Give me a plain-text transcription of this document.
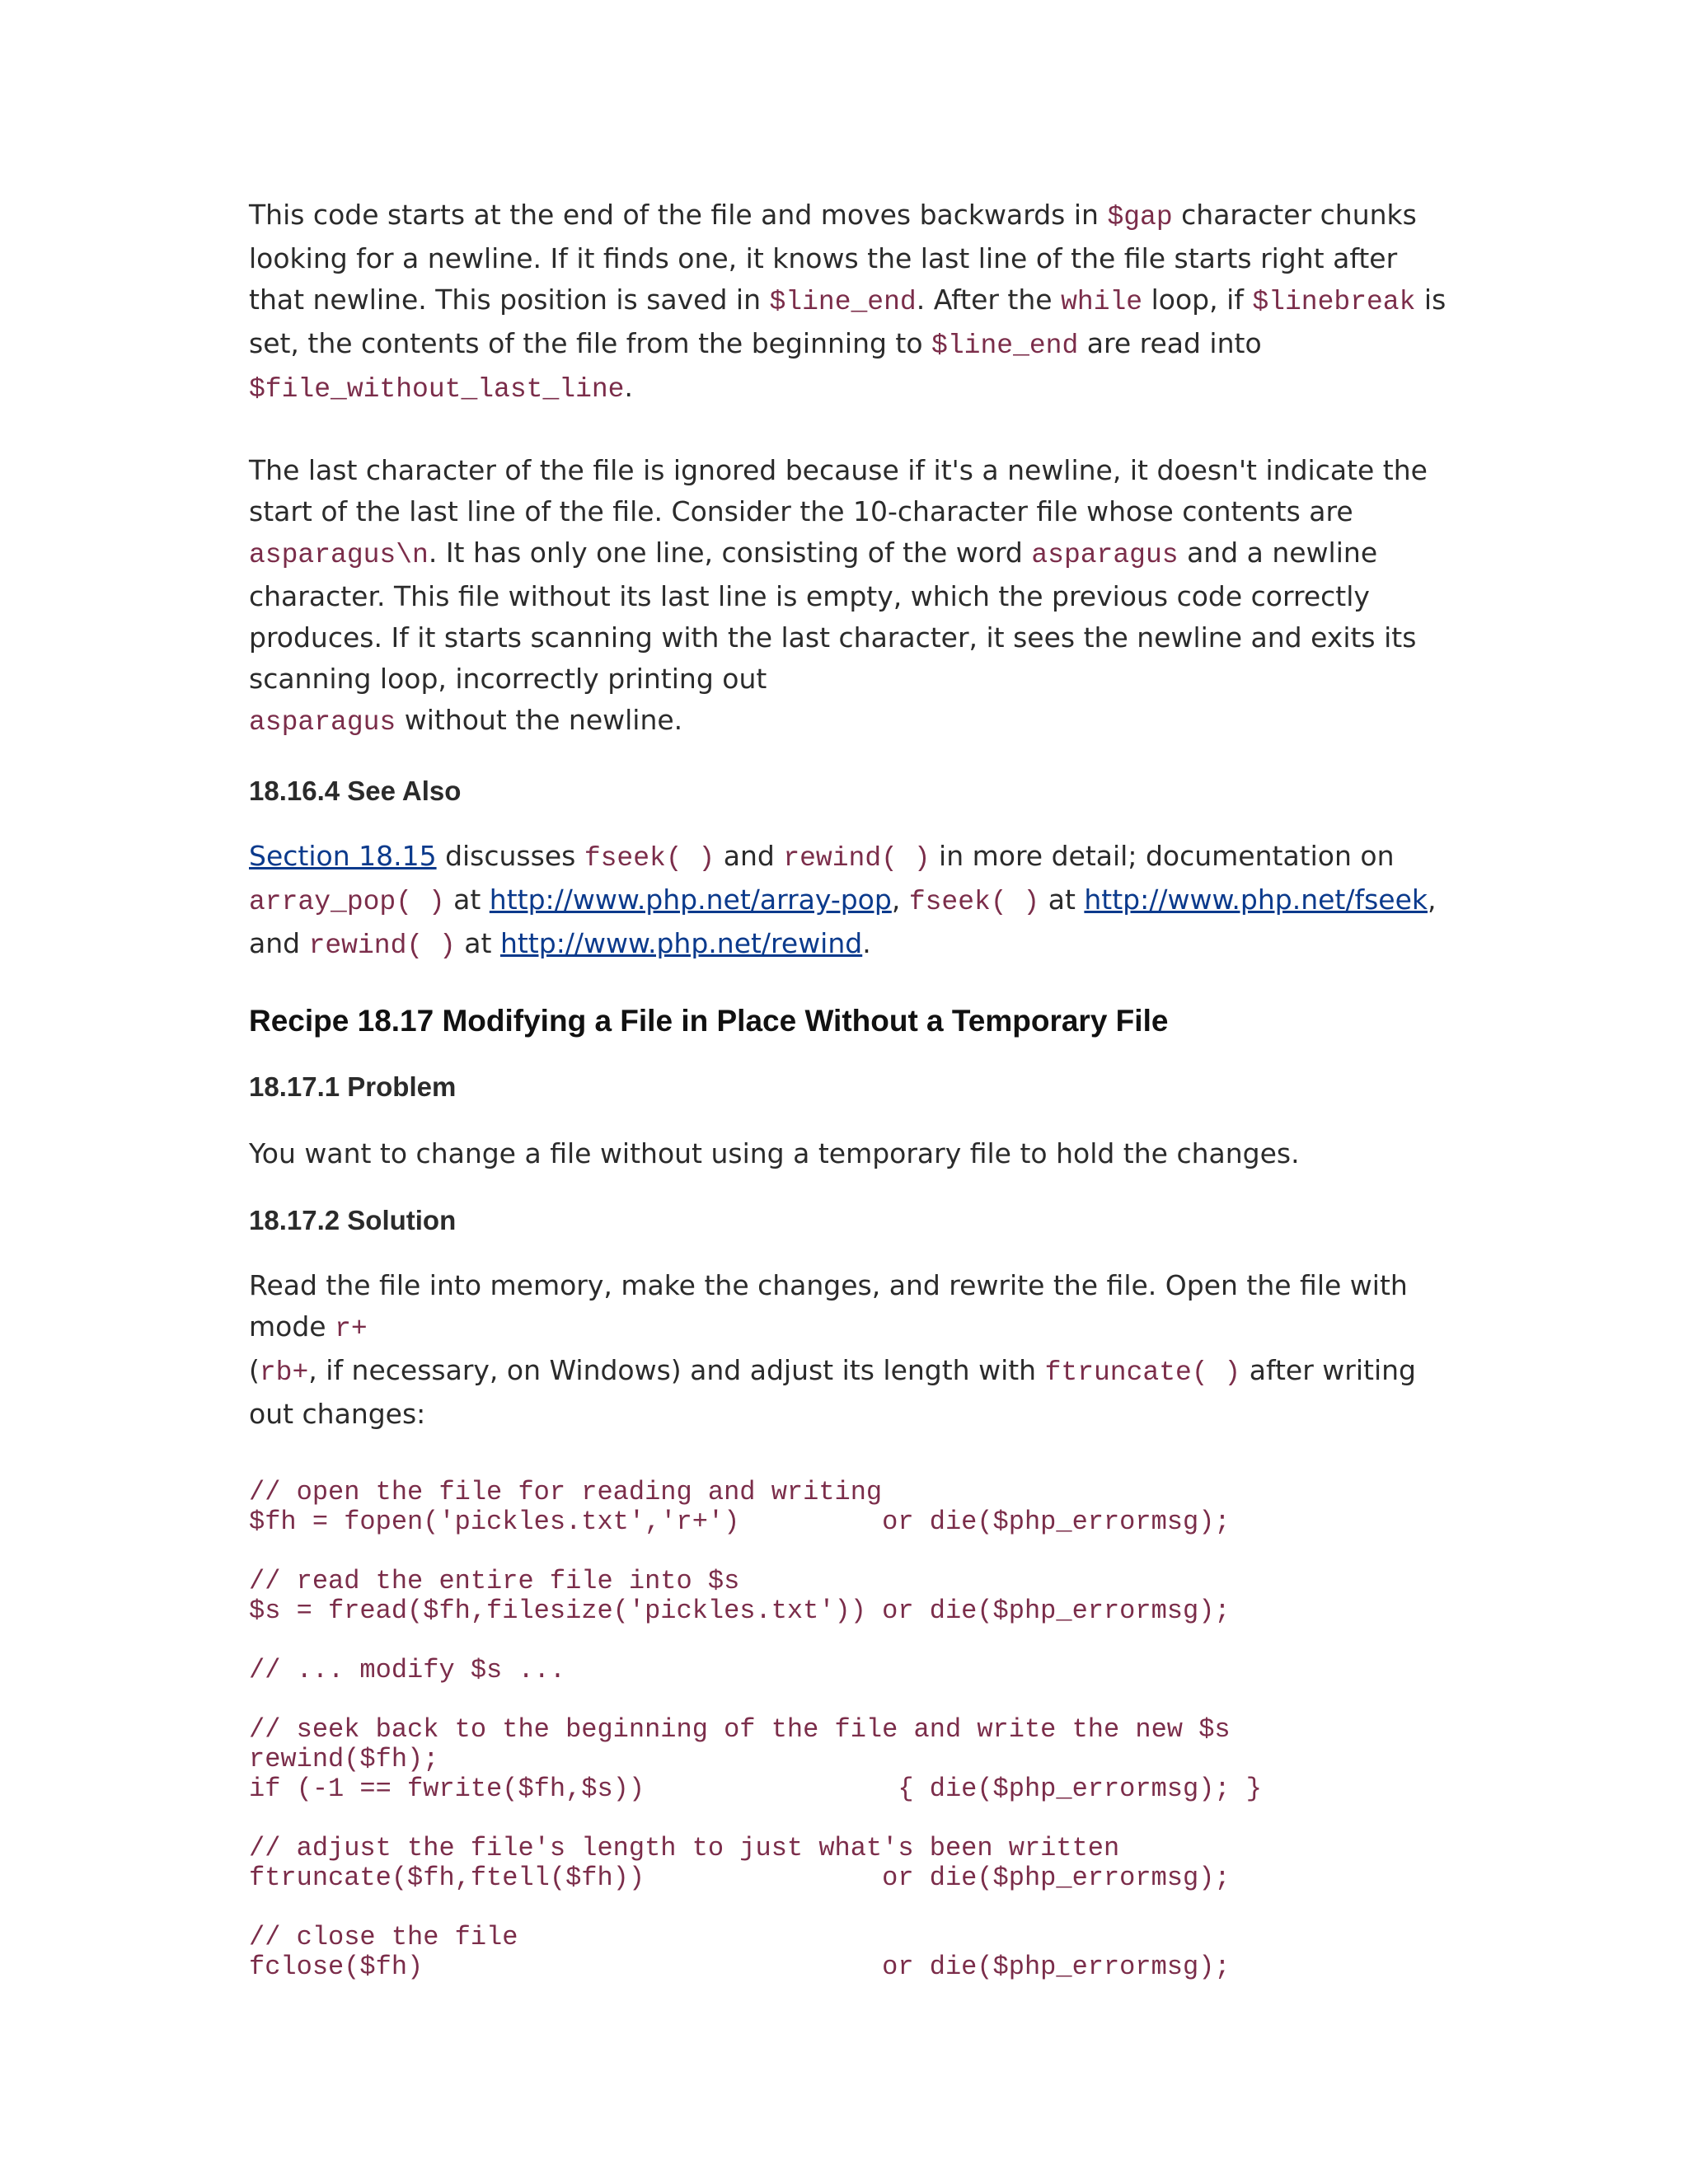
This code starts at the end of the file and moves backwards in $gap character chunks looking for a newline. If it finds one, it knows the last line of the file starts right after that newline. This position is saved in $line_end. After the while loop, if $linebreak is set, the contents of the file from the beginning to $line_end are read into
$file_without_last_line.

The last character of the file is ignored because if it's a newline, it doesn't indicate the start of the last line of the file. Consider the 10-character file whose contents are asparagus\n. It has only one line, consisting of the word asparagus and a newline character. This file without its last line is empty, which the previous code correctly produces. If it starts scanning with the last character, it sees the newline and exits its scanning loop, incorrectly printing out
asparagus without the newline.

18.16.4 See Also

Section 18.15 discusses fseek( ) and rewind( ) in more detail; documentation on
array_pop( ) at http://www.php.net/array-pop, fseek( ) at http://www.php.net/fseek, and rewind( ) at http://www.php.net/rewind.

Recipe 18.17 Modifying a File in Place Without a Temporary File
18.17.1 Problem

You want to change a file without using a temporary file to hold the changes.

18.17.2 Solution

Read the file into memory, make the changes, and rewrite the file. Open the file with mode r+
(rb+, if necessary, on Windows) and adjust its length with ftruncate( ) after writing out changes:

// open the file for reading and writing
$fh = fopen('pickles.txt','r+')         or die($php_errormsg);

// read the entire file into $s
$s = fread($fh,filesize('pickles.txt')) or die($php_errormsg);

// ... modify $s ...

// seek back to the beginning of the file and write the new $s
rewind($fh);
if (-1 == fwrite($fh,$s))                { die($php_errormsg); }

// adjust the file's length to just what's been written
ftruncate($fh,ftell($fh))               or die($php_errormsg);

// close the file
fclose($fh)                             or die($php_errormsg);
